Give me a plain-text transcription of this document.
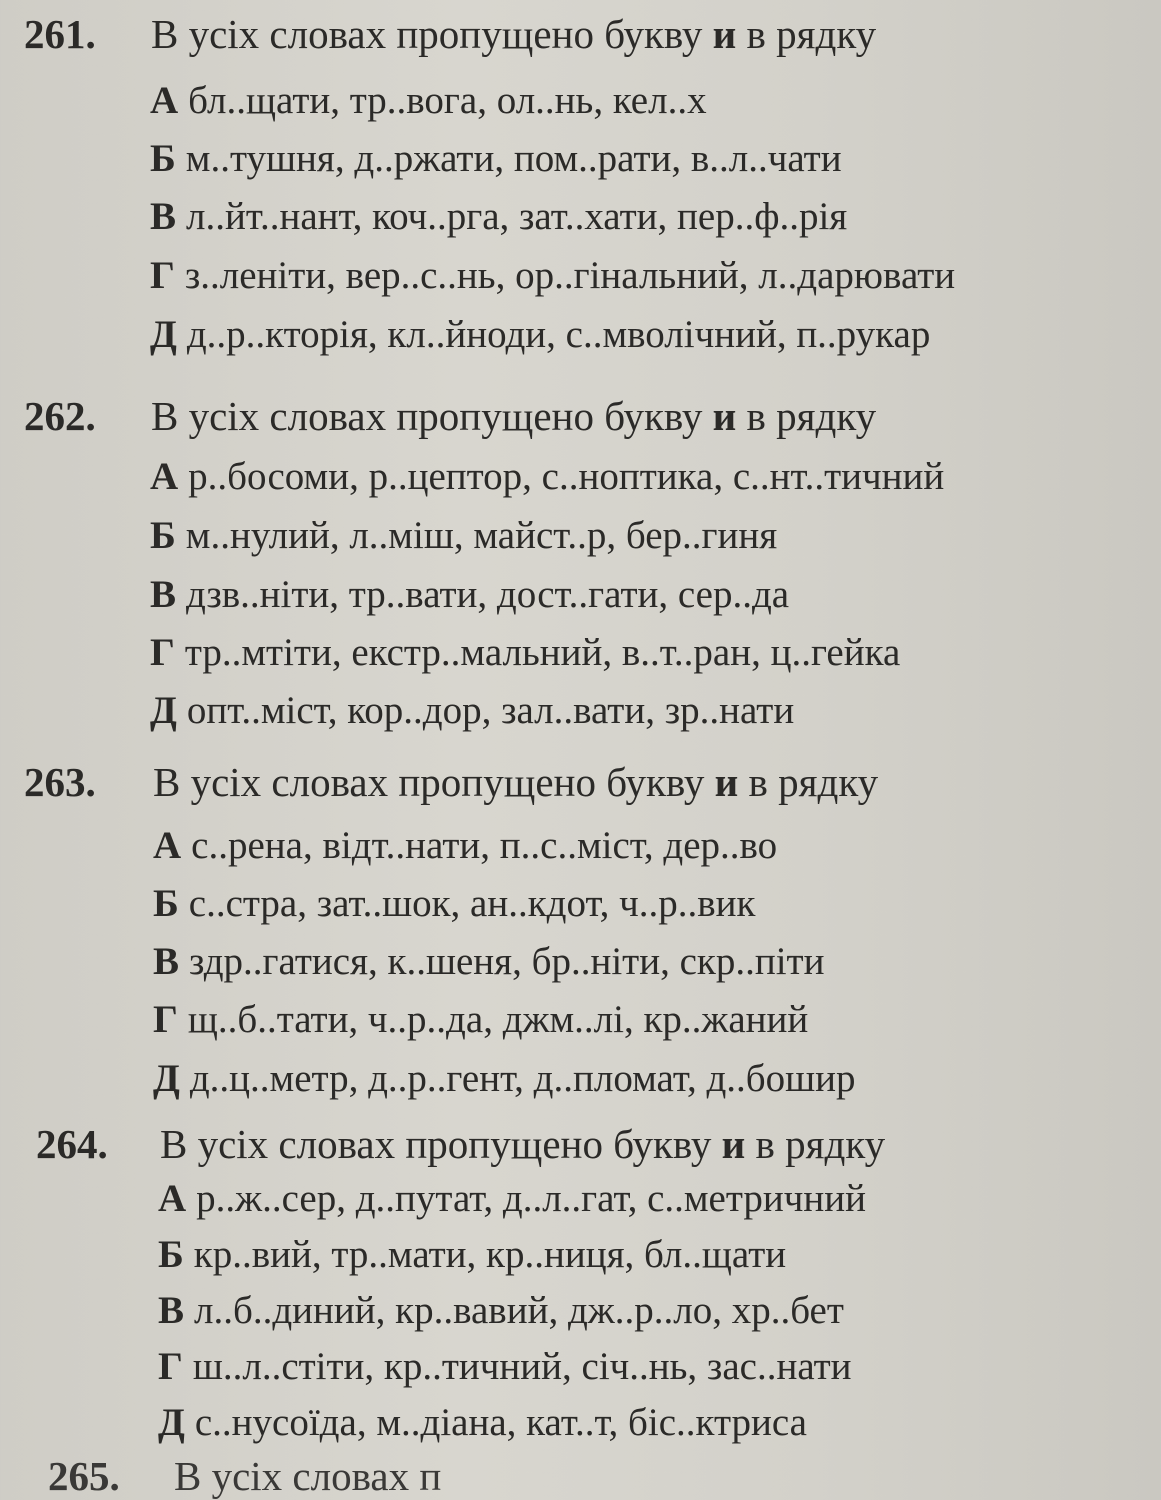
261. В усіх словах пропущено букву и в рядку
А бл..щати, тр..вога, ол..нь, кел..х
Б м..тушня, д..ржати, пом..рати, в..л..чати
В л..йт..нант, коч..рга, зат..хати, пер..ф..рія
Г з..леніти, вер..с..нь, ор..гінальний, л..дарювати
Д д..р..кторія, кл..йноди, с..мволічний, п..рукар
262. В усіх словах пропущено букву и в рядку
А р..босоми, р..цептор, с..ноптика, с..нт..тичний
Б м..нулий, л..міш, майст..р, бер..гиня
В дзв..ніти, тр..вати, дост..гати, сер..да
Г тр..мтіти, екстр..мальний, в..т..ран, ц..гейка
Д опт..міст, кор..дор, зал..вати, зр..нати
263. В усіх словах пропущено букву и в рядку
А с..рена, відт..нати, п..с..міст, дер..во
Б с..стра, зат..шок, ан..кдот, ч..р..вик
В здр..гатися, к..шеня, бр..ніти, скр..піти
Г щ..б..тати, ч..р..да, джм..лі, кр..жаний
Д д..ц..метр, д..р..гент, д..пломат, д..бошир
264. В усіх словах пропущено букву и в рядку
А р..ж..сер, д..путат, д..л..гат, с..метричний
Б кр..вий, тр..мати, кр..ниця, бл..щати
В л..б..диний, кр..вавий, дж..р..ло, хр..бет
Г ш..л..стіти, кр..тичний, січ..нь, зас..нати
Д с..нусоїда, м..діана, кат..т, біс..ктриса
265. В усіх словах п
